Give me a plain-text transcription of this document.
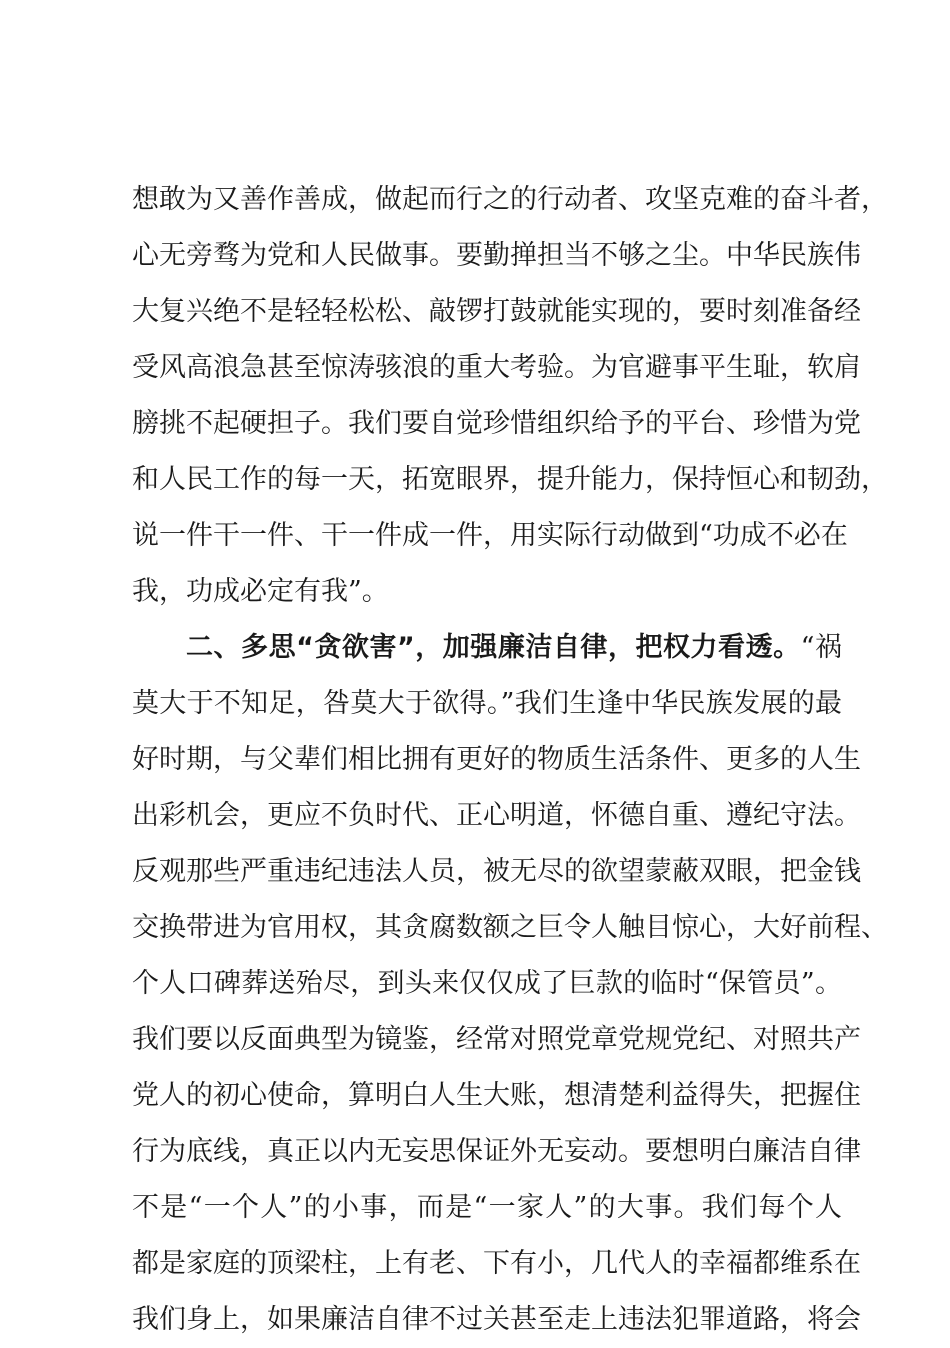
想敢为又善作善成，做起而行之的行动者、攻坚克难的奋斗者，
心无旁骛为党和人民做事。要勤掸担当不够之尘。中华民族伟
大复兴绝不是轻轻松松、敲锣打鼓就能实现的，要时刻准备经
受风高浪急甚至惊涛骇浪的重大考验。为官避事平生耻，软肩
膀挑不起硬担子。我们要自觉珍惜组织给予的平台、珍惜为党
和人民工作的每一天，拓宽眼界，提升能力，保持恒心和韧劲，
说一件干一件、干一件成一件，用实际行动做到“功成不必在
我，功成必定有我”。
二、多思“贪欲害”，加强廉洁自律，把权力看透。“祸
莫大于不知足，咎莫大于欲得。”我们生逢中华民族发展的最
好时期，与父辈们相比拥有更好的物质生活条件、更多的人生
出彩机会，更应不负时代、正心明道，怀德自重、遵纪守法。
反观那些严重违纪违法人员，被无尽的欲望蒙蔽双眼，把金钱
交换带进为官用权，其贪腐数额之巨令人触目惊心，大好前程、
个人口碑葬送殆尽，到头来仅仅成了巨款的临时“保管员”。
我们要以反面典型为镜鉴，经常对照党章党规党纪、对照共产
党人的初心使命，算明白人生大账，想清楚利益得失，把握住
行为底线，真正以内无妄思保证外无妄动。要想明白廉洁自律
不是“一个人”的小事，而是“一家人”的大事。我们每个人
都是家庭的顶梁柱，上有老、下有小，几代人的幸福都维系在
我们身上，如果廉洁自律不过关甚至走上违法犯罪道路，将会
